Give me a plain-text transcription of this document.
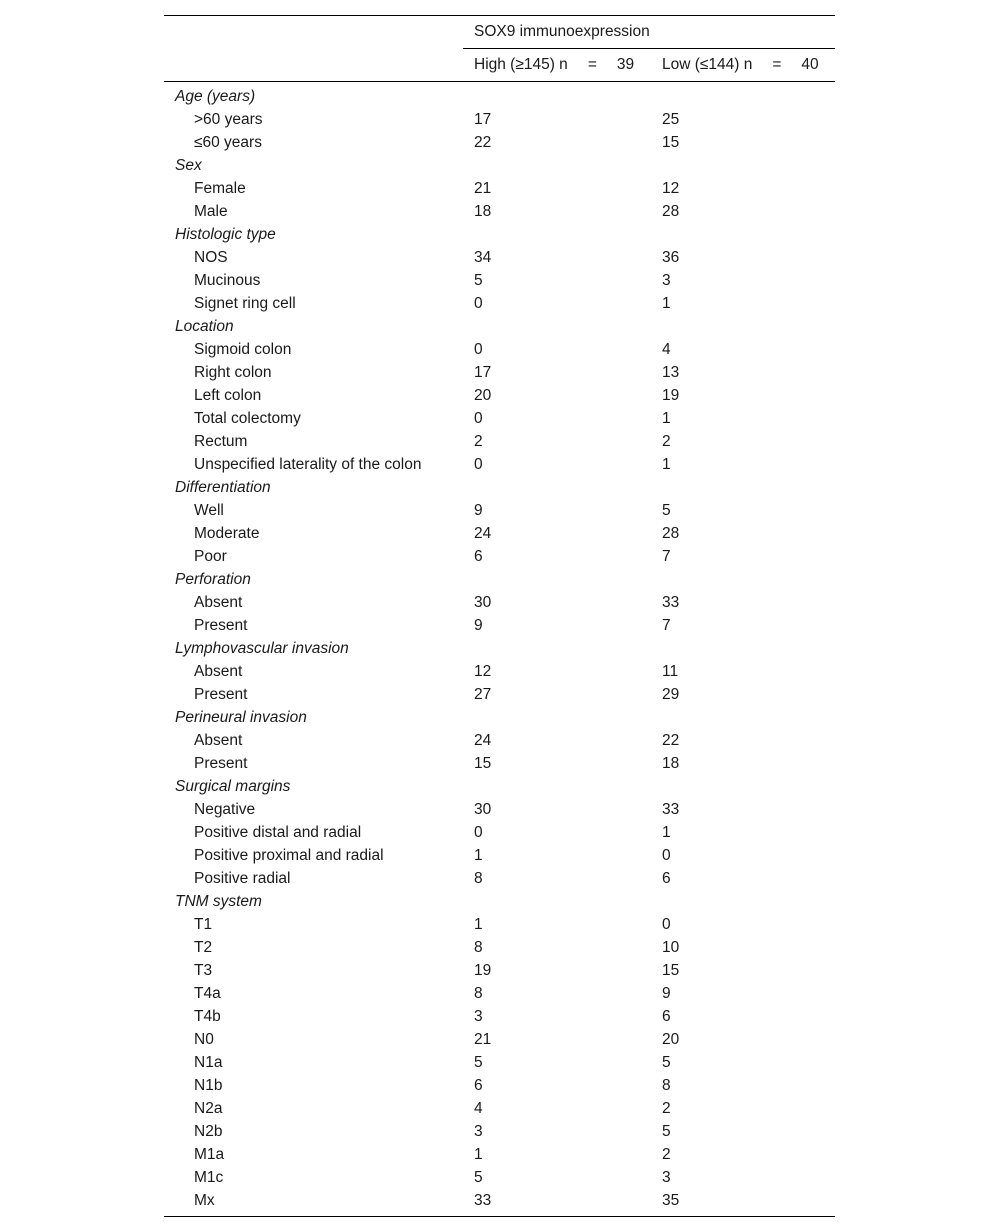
	SOX9 immunoexpression	

	High (≥145) n = 39	Low (≤144) n = 40

Age (years)		
>60 years	17	25
≤60 years	22	15
Sex		
Female	21	12
Male	18	28
Histologic type		
NOS	34	36
Mucinous	5	3
Signet ring cell	0	1
Location		
Sigmoid colon	0	4
Right colon	17	13
Left colon	20	19
Total colectomy	0	1
Rectum	2	2
Unspecified laterality of the colon	0	1
Differentiation		
Well	9	5
Moderate	24	28
Poor	6	7
Perforation		
Absent	30	33
Present	9	7
Lymphovascular invasion		
Absent	12	11
Present	27	29
Perineural invasion		
Absent	24	22
Present	15	18
Surgical margins		
Negative	30	33
Positive distal and radial	0	1
Positive proximal and radial	1	0
Positive radial	8	6
TNM system		
T1	1	0
T2	8	10
T3	19	15
T4a	8	9
T4b	3	6
N0	21	20
N1a	5	5
N1b	6	8
N2a	4	2
N2b	3	5
M1a	1	2
M1c	5	3
Mx	33	35
